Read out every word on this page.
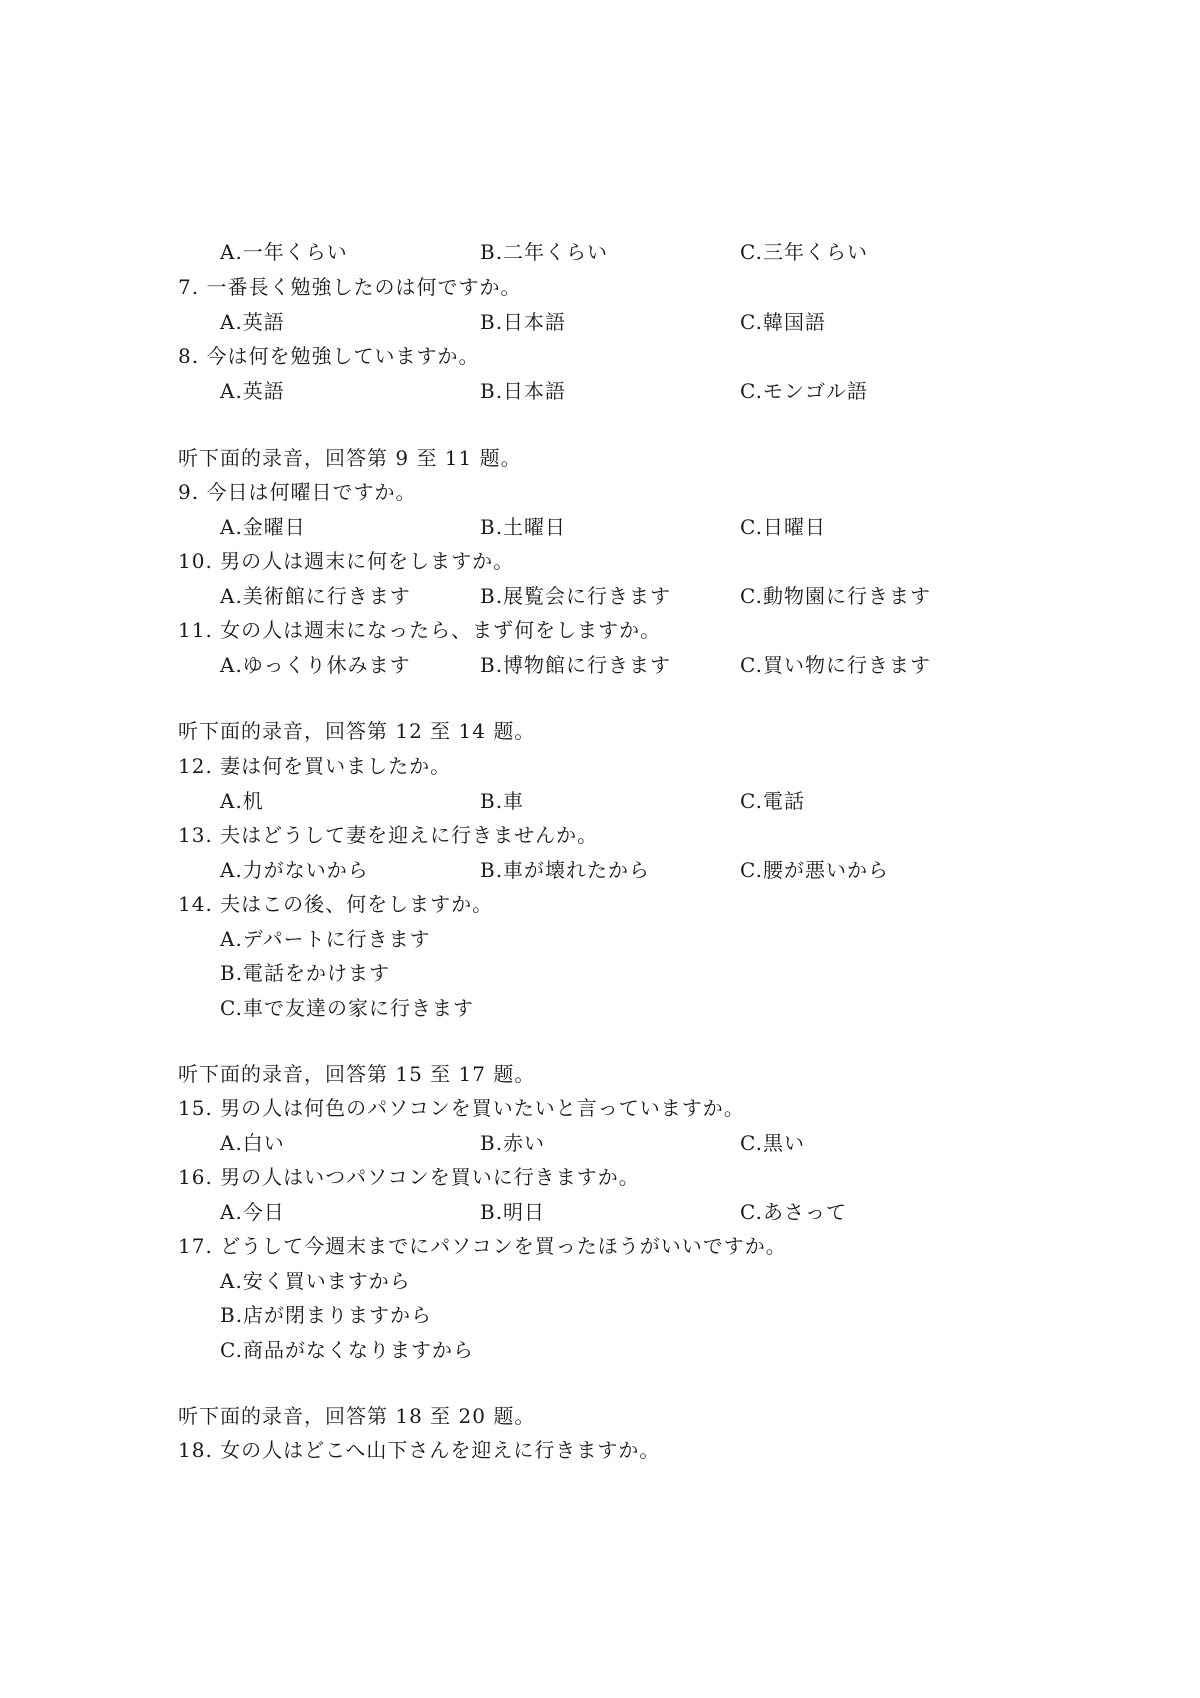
A.一年くらい	B.二年くらい	C.三年くらい
7. 一番長く勉強したのは何ですか。
A.英語	B.日本語	C.韓国語
8. 今は何を勉強していますか。
A.英語	B.日本語	C.モンゴル語
听下面的录音，回答第 9 至 11 题。
9. 今日は何曜日ですか。
A.金曜日	B.土曜日	C.日曜日
10. 男の人は週末に何をしますか。
A.美術館に行きます	B.展覧会に行きます	C.動物園に行きます
11. 女の人は週末になったら、まず何をしますか。
A.ゆっくり休みます	B.博物館に行きます	C.買い物に行きます
听下面的录音，回答第 12 至 14 题。
12. 妻は何を買いましたか。
A.机	B.車	C.電話
13. 夫はどうして妻を迎えに行きませんか。
A.力がないから	B.車が壊れたから	C.腰が悪いから
14. 夫はこの後、何をしますか。
A.デパートに行きます
B.電話をかけます
C.車で友達の家に行きます
听下面的录音，回答第 15 至 17 题。
15. 男の人は何色のパソコンを買いたいと言っていますか。
A.白い	B.赤い	C.黒い
16. 男の人はいつパソコンを買いに行きますか。
A.今日	B.明日	C.あさって
17. どうして今週末までにパソコンを買ったほうがいいですか。
A.安く買いますから
B.店が閉まりますから
C.商品がなくなりますから
听下面的录音，回答第 18 至 20 题。
18. 女の人はどこへ山下さんを迎えに行きますか。
